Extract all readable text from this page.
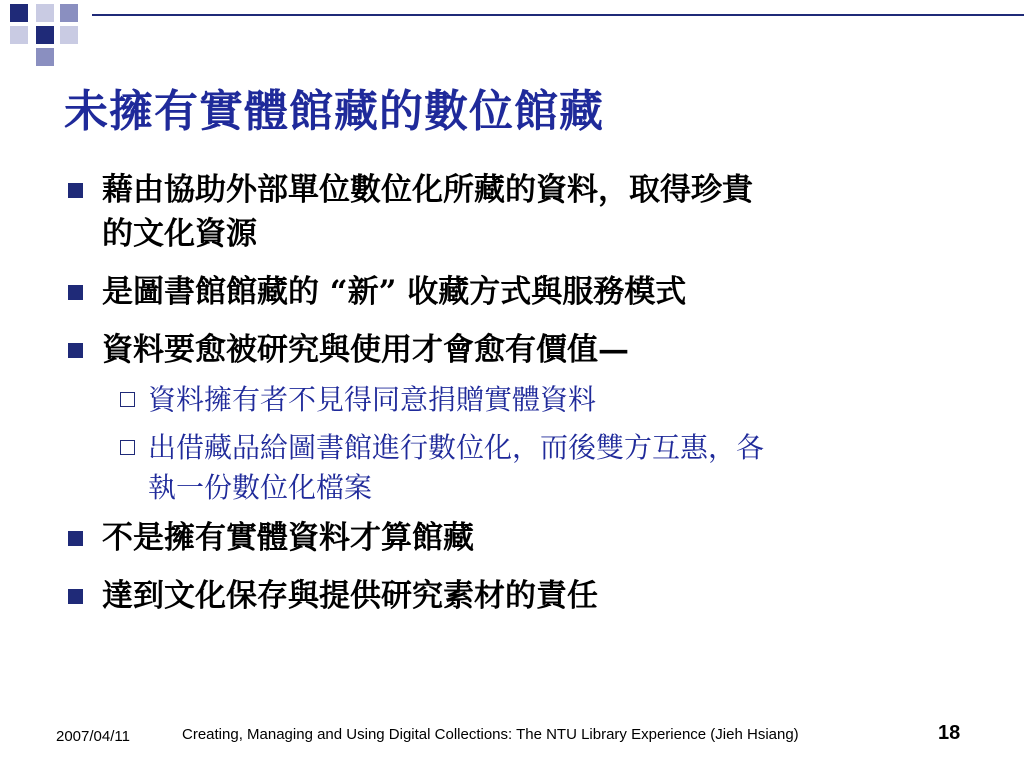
未擁有實體館藏的數位館藏
藉由協助外部單位數位化所藏的資料，取得珍貴
的文化資源
是圖書館館藏的 “新” 收藏方式與服務模式
資料要愈被研究與使用才會愈有價值—
資料擁有者不見得同意捐贈實體資料
出借藏品給圖書館進行數位化，而後雙方互惠，各
執一份數位化檔案
不是擁有實體資料才算館藏
達到文化保存與提供研究素材的責任
2007/04/11	Creating, Managing and Using Digital Collections: The NTU Library Experience (Jieh Hsiang)	18
